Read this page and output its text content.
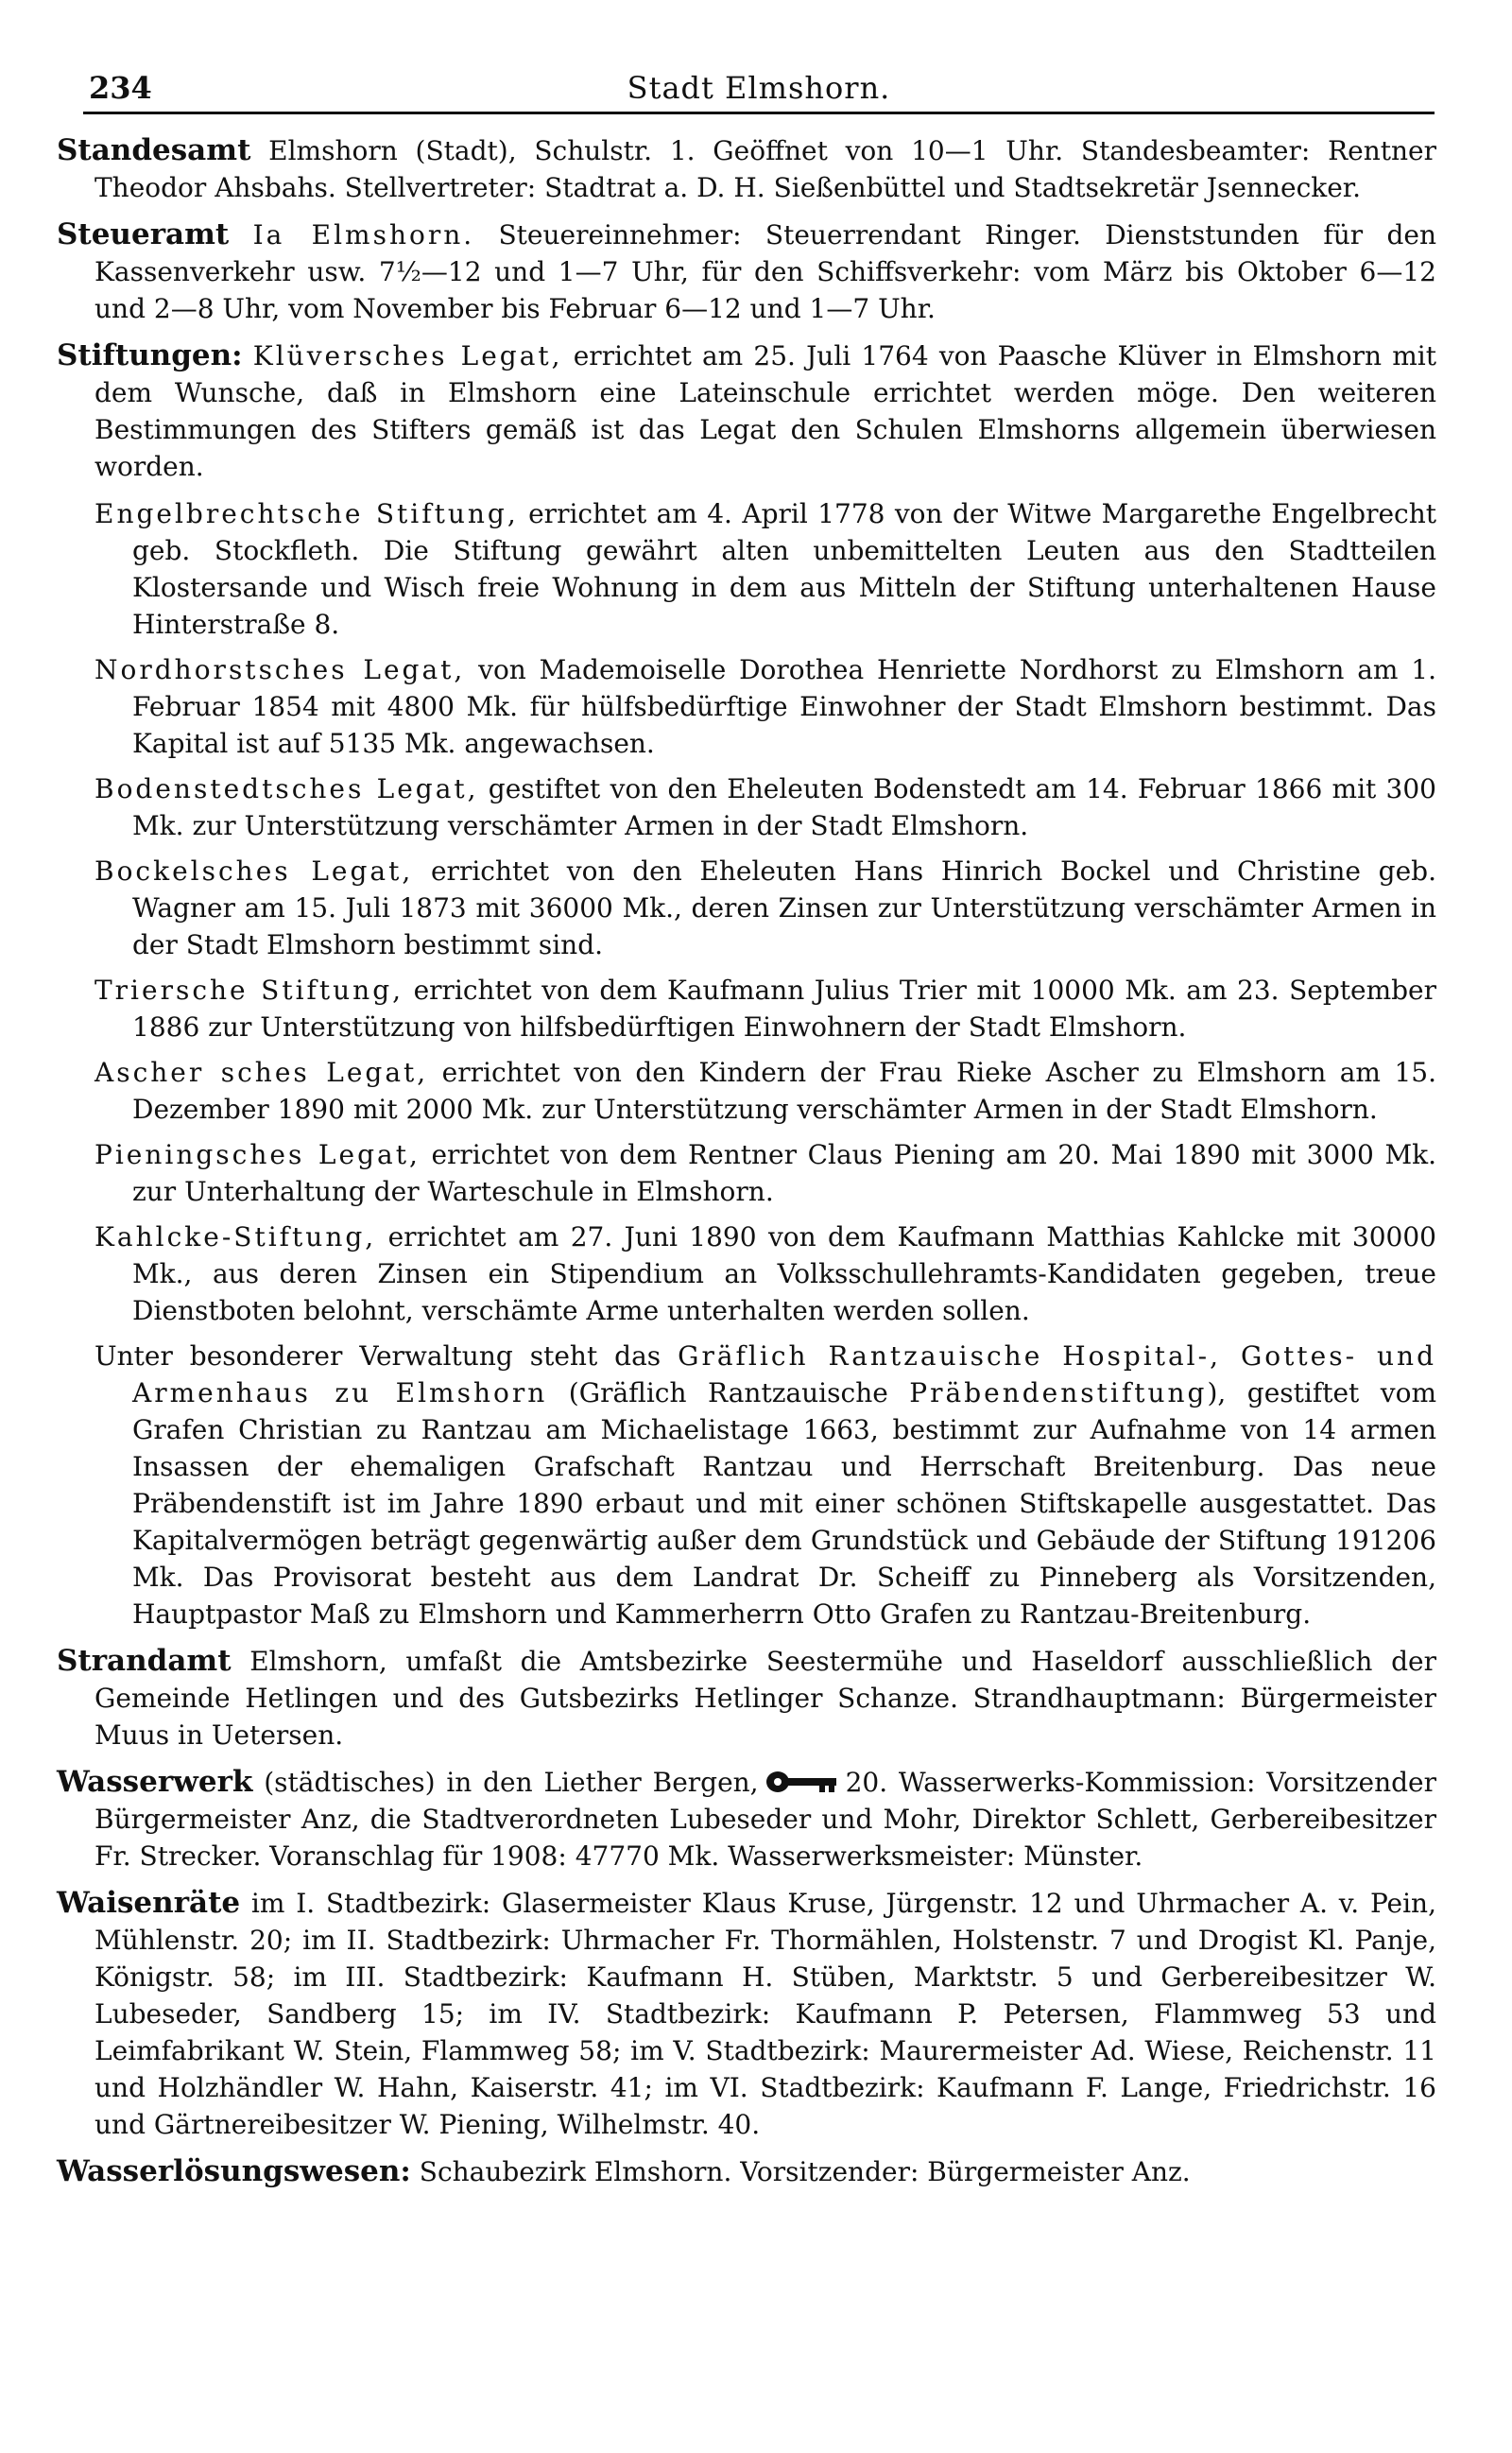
234	Stadt Elmshorn.

Standesamt Elmshorn (Stadt), Schulstr. 1. Geöffnet von 10—1 Uhr. Standesbeamter: Rentner Theodor Ahsbahs. Stellvertreter: Stadtrat a. D. H. Sießenbüttel und Stadtsekretär Jsennecker.

Steueramt Ia Elmshorn. Steuereinnehmer: Steuerrendant Ringer. Dienststunden für den Kassenverkehr usw. 7½—12 und 1—7 Uhr, für den Schiffsverkehr: vom März bis Oktober 6—12 und 2—8 Uhr, vom November bis Februar 6—12 und 1—7 Uhr.

Stiftungen: Klüversches Legat, errichtet am 25. Juli 1764 von Paasche Klüver in Elmshorn mit dem Wunsche, daß in Elmshorn eine Lateinschule errichtet werden möge. Den weiteren Bestimmungen des Stifters gemäß ist das Legat den Schulen Elmshorns allgemein überwiesen worden.

Engelbrechtsche Stiftung, errichtet am 4. April 1778 von der Witwe Margarethe Engelbrecht geb. Stockfleth. Die Stiftung gewährt alten unbemittelten Leuten aus den Stadtteilen Klostersande und Wisch freie Wohnung in dem aus Mitteln der Stiftung unterhaltenen Hause Hinterstraße 8.

Nordhorstsches Legat, von Mademoiselle Dorothea Henriette Nordhorst zu Elmshorn am 1. Februar 1854 mit 4800 Mk. für hülfsbedürftige Einwohner der Stadt Elmshorn bestimmt. Das Kapital ist auf 5135 Mk. angewachsen.

Bodenstedtsches Legat, gestiftet von den Eheleuten Bodenstedt am 14. Februar 1866 mit 300 Mk. zur Unterstützung verschämter Armen in der Stadt Elmshorn.

Bockelsches Legat, errichtet von den Eheleuten Hans Hinrich Bockel und Christine geb. Wagner am 15. Juli 1873 mit 36000 Mk., deren Zinsen zur Unterstützung verschämter Armen in der Stadt Elmshorn bestimmt sind.

Triersche Stiftung, errichtet von dem Kaufmann Julius Trier mit 10000 Mk. am 23. September 1886 zur Unterstützung von hilfsbedürftigen Einwohnern der Stadt Elmshorn.

Ascher sches Legat, errichtet von den Kindern der Frau Rieke Ascher zu Elmshorn am 15. Dezember 1890 mit 2000 Mk. zur Unterstützung verschämter Armen in der Stadt Elmshorn.

Pieningsches Legat, errichtet von dem Rentner Claus Piening am 20. Mai 1890 mit 3000 Mk. zur Unterhaltung der Warteschule in Elmshorn.

Kahlcke-Stiftung, errichtet am 27. Juni 1890 von dem Kaufmann Matthias Kahlcke mit 30000 Mk., aus deren Zinsen ein Stipendium an Volksschullehramts-Kandidaten gegeben, treue Dienstboten belohnt, verschämte Arme unterhalten werden sollen.

Unter besonderer Verwaltung steht das Gräflich Rantzauische Hospital-, Gottes- und Armenhaus zu Elmshorn (Gräflich Rantzauische Präbendenstiftung), gestiftet vom Grafen Christian zu Rantzau am Michaelistage 1663, bestimmt zur Aufnahme von 14 armen Insassen der ehemaligen Grafschaft Rantzau und Herrschaft Breitenburg. Das neue Präbendenstift ist im Jahre 1890 erbaut und mit einer schönen Stiftskapelle ausgestattet. Das Kapitalvermögen beträgt gegenwärtig außer dem Grundstück und Gebäude der Stiftung 191206 Mk. Das Provisorat besteht aus dem Landrat Dr. Scheiff zu Pinneberg als Vorsitzenden, Hauptpastor Maß zu Elmshorn und Kammerherrn Otto Grafen zu Rantzau-Breitenburg.

Strandamt Elmshorn, umfaßt die Amtsbezirke Seestermühe und Haseldorf ausschließlich der Gemeinde Hetlingen und des Gutsbezirks Hetlinger Schanze. Strandhauptmann: Bürgermeister Muus in Uetersen.

Wasserwerk (städtisches) in den Liether Bergen,	20. Wasserwerks-Kommission: Vorsitzender Bürgermeister Anz, die Stadtverordneten Lubeseder und Mohr, Direktor Schlett, Gerbereibesitzer Fr. Strecker. Voranschlag für 1908: 47770 Mk. Wasserwerksmeister: Münster.

Waisenräte im I. Stadtbezirk: Glasermeister Klaus Kruse, Jürgenstr. 12 und Uhrmacher A. v. Pein, Mühlenstr. 20; im II. Stadtbezirk: Uhrmacher Fr. Thormählen, Holstenstr. 7 und Drogist Kl. Panje, Königstr. 58; im III. Stadtbezirk: Kaufmann H. Stüben, Marktstr. 5 und Gerbereibesitzer W. Lubeseder, Sandberg 15; im IV. Stadtbezirk: Kaufmann P. Petersen, Flammweg 53 und Leimfabrikant W. Stein, Flammweg 58; im V. Stadtbezirk: Maurermeister Ad. Wiese, Reichenstr. 11 und Holzhändler W. Hahn, Kaiserstr. 41; im VI. Stadtbezirk: Kaufmann F. Lange, Friedrichstr. 16 und Gärtnereibesitzer W. Piening, Wilhelmstr. 40.

Wasserlösungswesen: Schaubezirk Elmshorn. Vorsitzender: Bürgermeister Anz.
